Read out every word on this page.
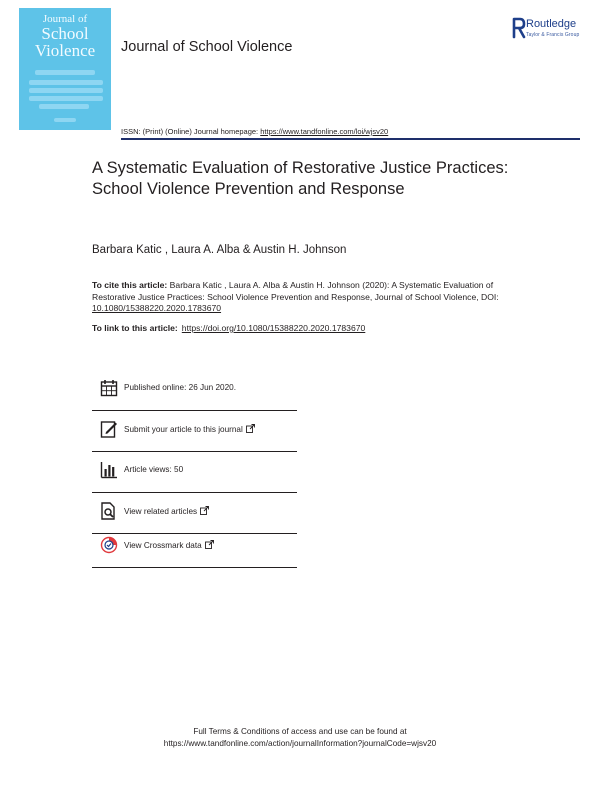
Journal of
School
Violence	Journal of School Violence
Routledge
Taylor & Francis Group
ISSN: (Print) (Online) Journal homepage: https://www.tandfonline.com/loi/wjsv20
A Systematic Evaluation of Restorative Justice Practices: School Violence Prevention and Response
Barbara Katic , Laura A. Alba & Austin H. Johnson
To cite this article: Barbara Katic , Laura A. Alba & Austin H. Johnson (2020): A Systematic Evaluation of Restorative Justice Practices: School Violence Prevention and Response, Journal of School Violence, DOI: 10.1080/15388220.2020.1783670
To link to this article: https://doi.org/10.1080/15388220.2020.1783670
Published online: 26 Jun 2020.
Submit your article to this journal
Article views: 50
View related articles
View Crossmark data
Full Terms & Conditions of access and use can be found at
https://www.tandfonline.com/action/journalInformation?journalCode=wjsv20
